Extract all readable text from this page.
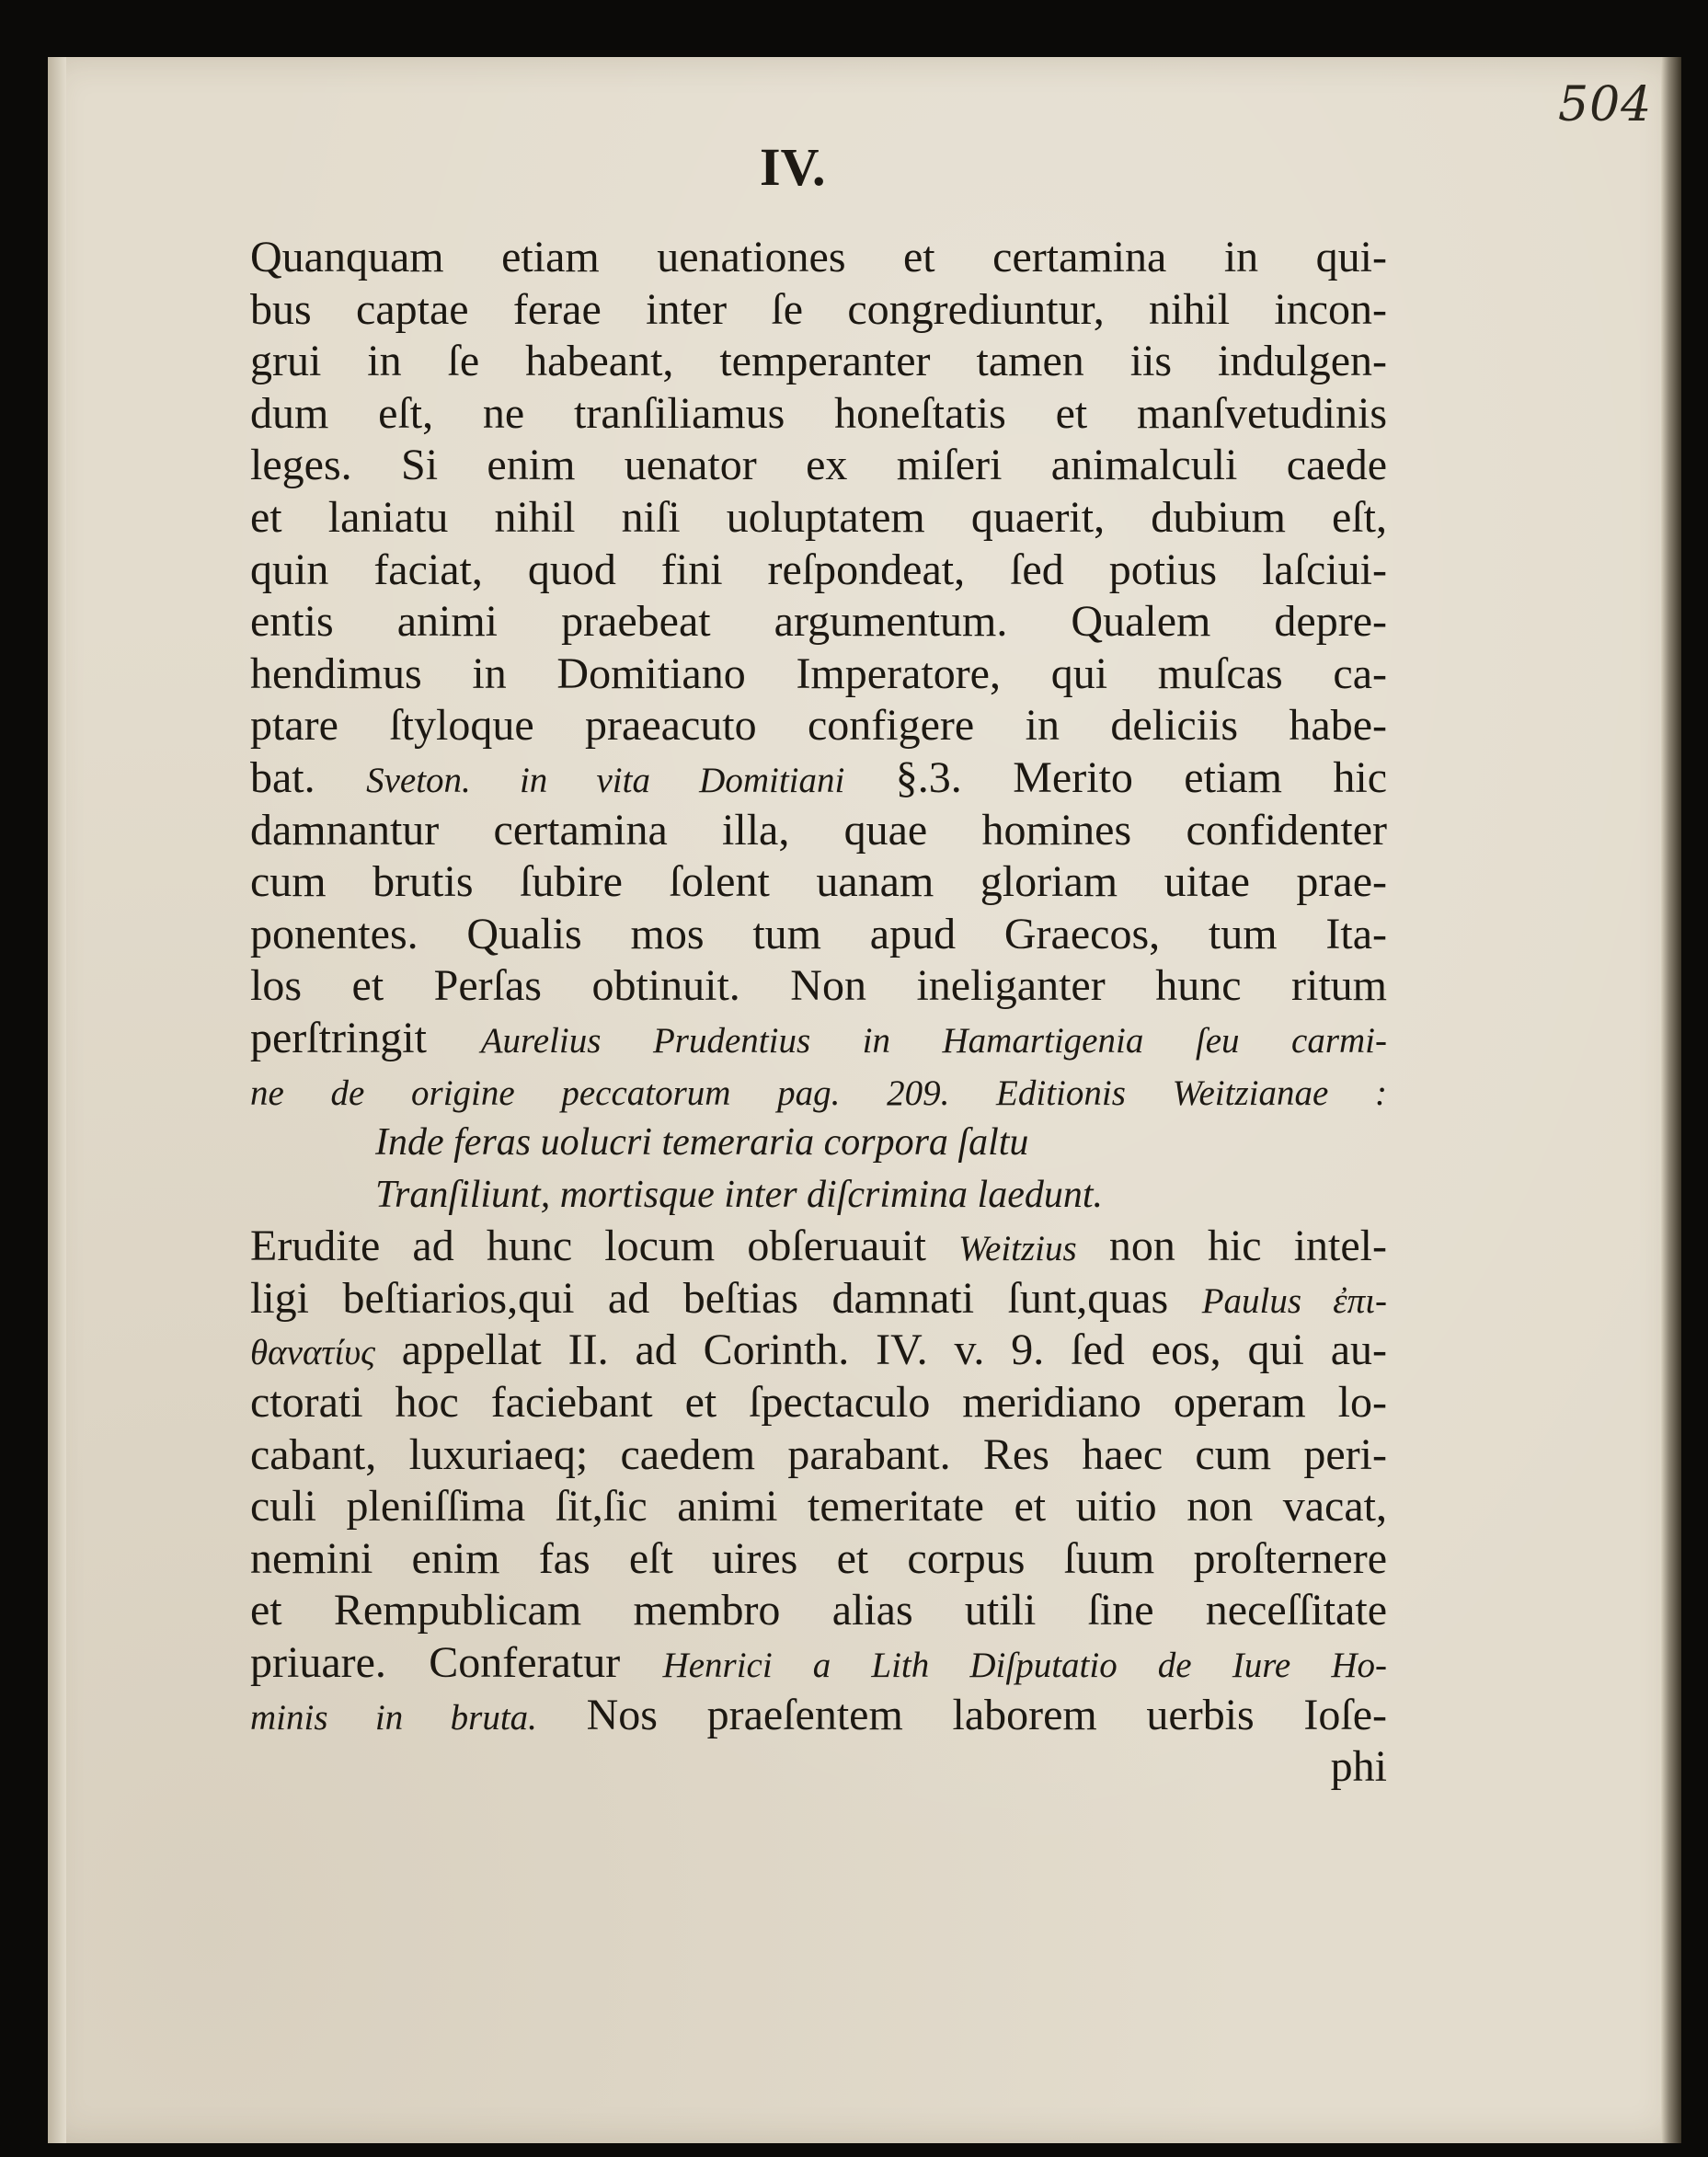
504
IV.
Quanquam etiam uenationes et certamina in qui-
bus captae ferae inter ſe congrediuntur, nihil incon-
grui in ſe habeant, temperanter tamen iis indulgen-
dum eſt, ne tranſiliamus honeſtatis et manſvetudinis
leges. Si enim uenator ex miſeri animalculi caede
et laniatu nihil niſi uoluptatem quaerit, dubium eſt,
quin faciat, quod fini reſpondeat, ſed potius laſciui-
entis animi praebeat argumentum. Qualem depre-
hendimus in Domitiano Imperatore, qui muſcas ca-
ptare ſtyloque praeacuto configere in deliciis habe-
bat. Sveton. in vita Domitiani §.3. Merito etiam hic
damnantur certamina illa, quae homines confidenter
cum brutis ſubire ſolent uanam gloriam uitae prae-
ponentes. Qualis mos tum apud Graecos, tum Ita-
los et Perſas obtinuit. Non ineliganter hunc ritum
perſtringit Aurelius Prudentius in Hamartigenia ſeu carmi-
ne de origine peccatorum pag. 209. Editionis Weitzianae :
Inde feras uolucri temeraria corpora ſaltu
Tranſiliunt, mortisque inter diſcrimina laedunt.
Erudite ad hunc locum obſeruauit Weitzius non hic intel-
ligi beſtiarios,qui ad beſtias damnati ſunt,quas Paulus ἐπι-
θανατίυς appellat II. ad Corinth. IV. v. 9. ſed eos, qui au-
ctorati hoc faciebant et ſpectaculo meridiano operam lo-
cabant, luxuriaeq; caedem parabant. Res haec cum peri-
culi pleniſſima ſit,ſic animi temeritate et uitio non vacat,
nemini enim fas eſt uires et corpus ſuum proſternere
et Rempublicam membro alias utili ſine neceſſitate
priuare. Conferatur Henrici a Lith Diſputatio de Iure Ho-
minis in bruta. Nos praeſentem laborem uerbis Ioſe-
phi
